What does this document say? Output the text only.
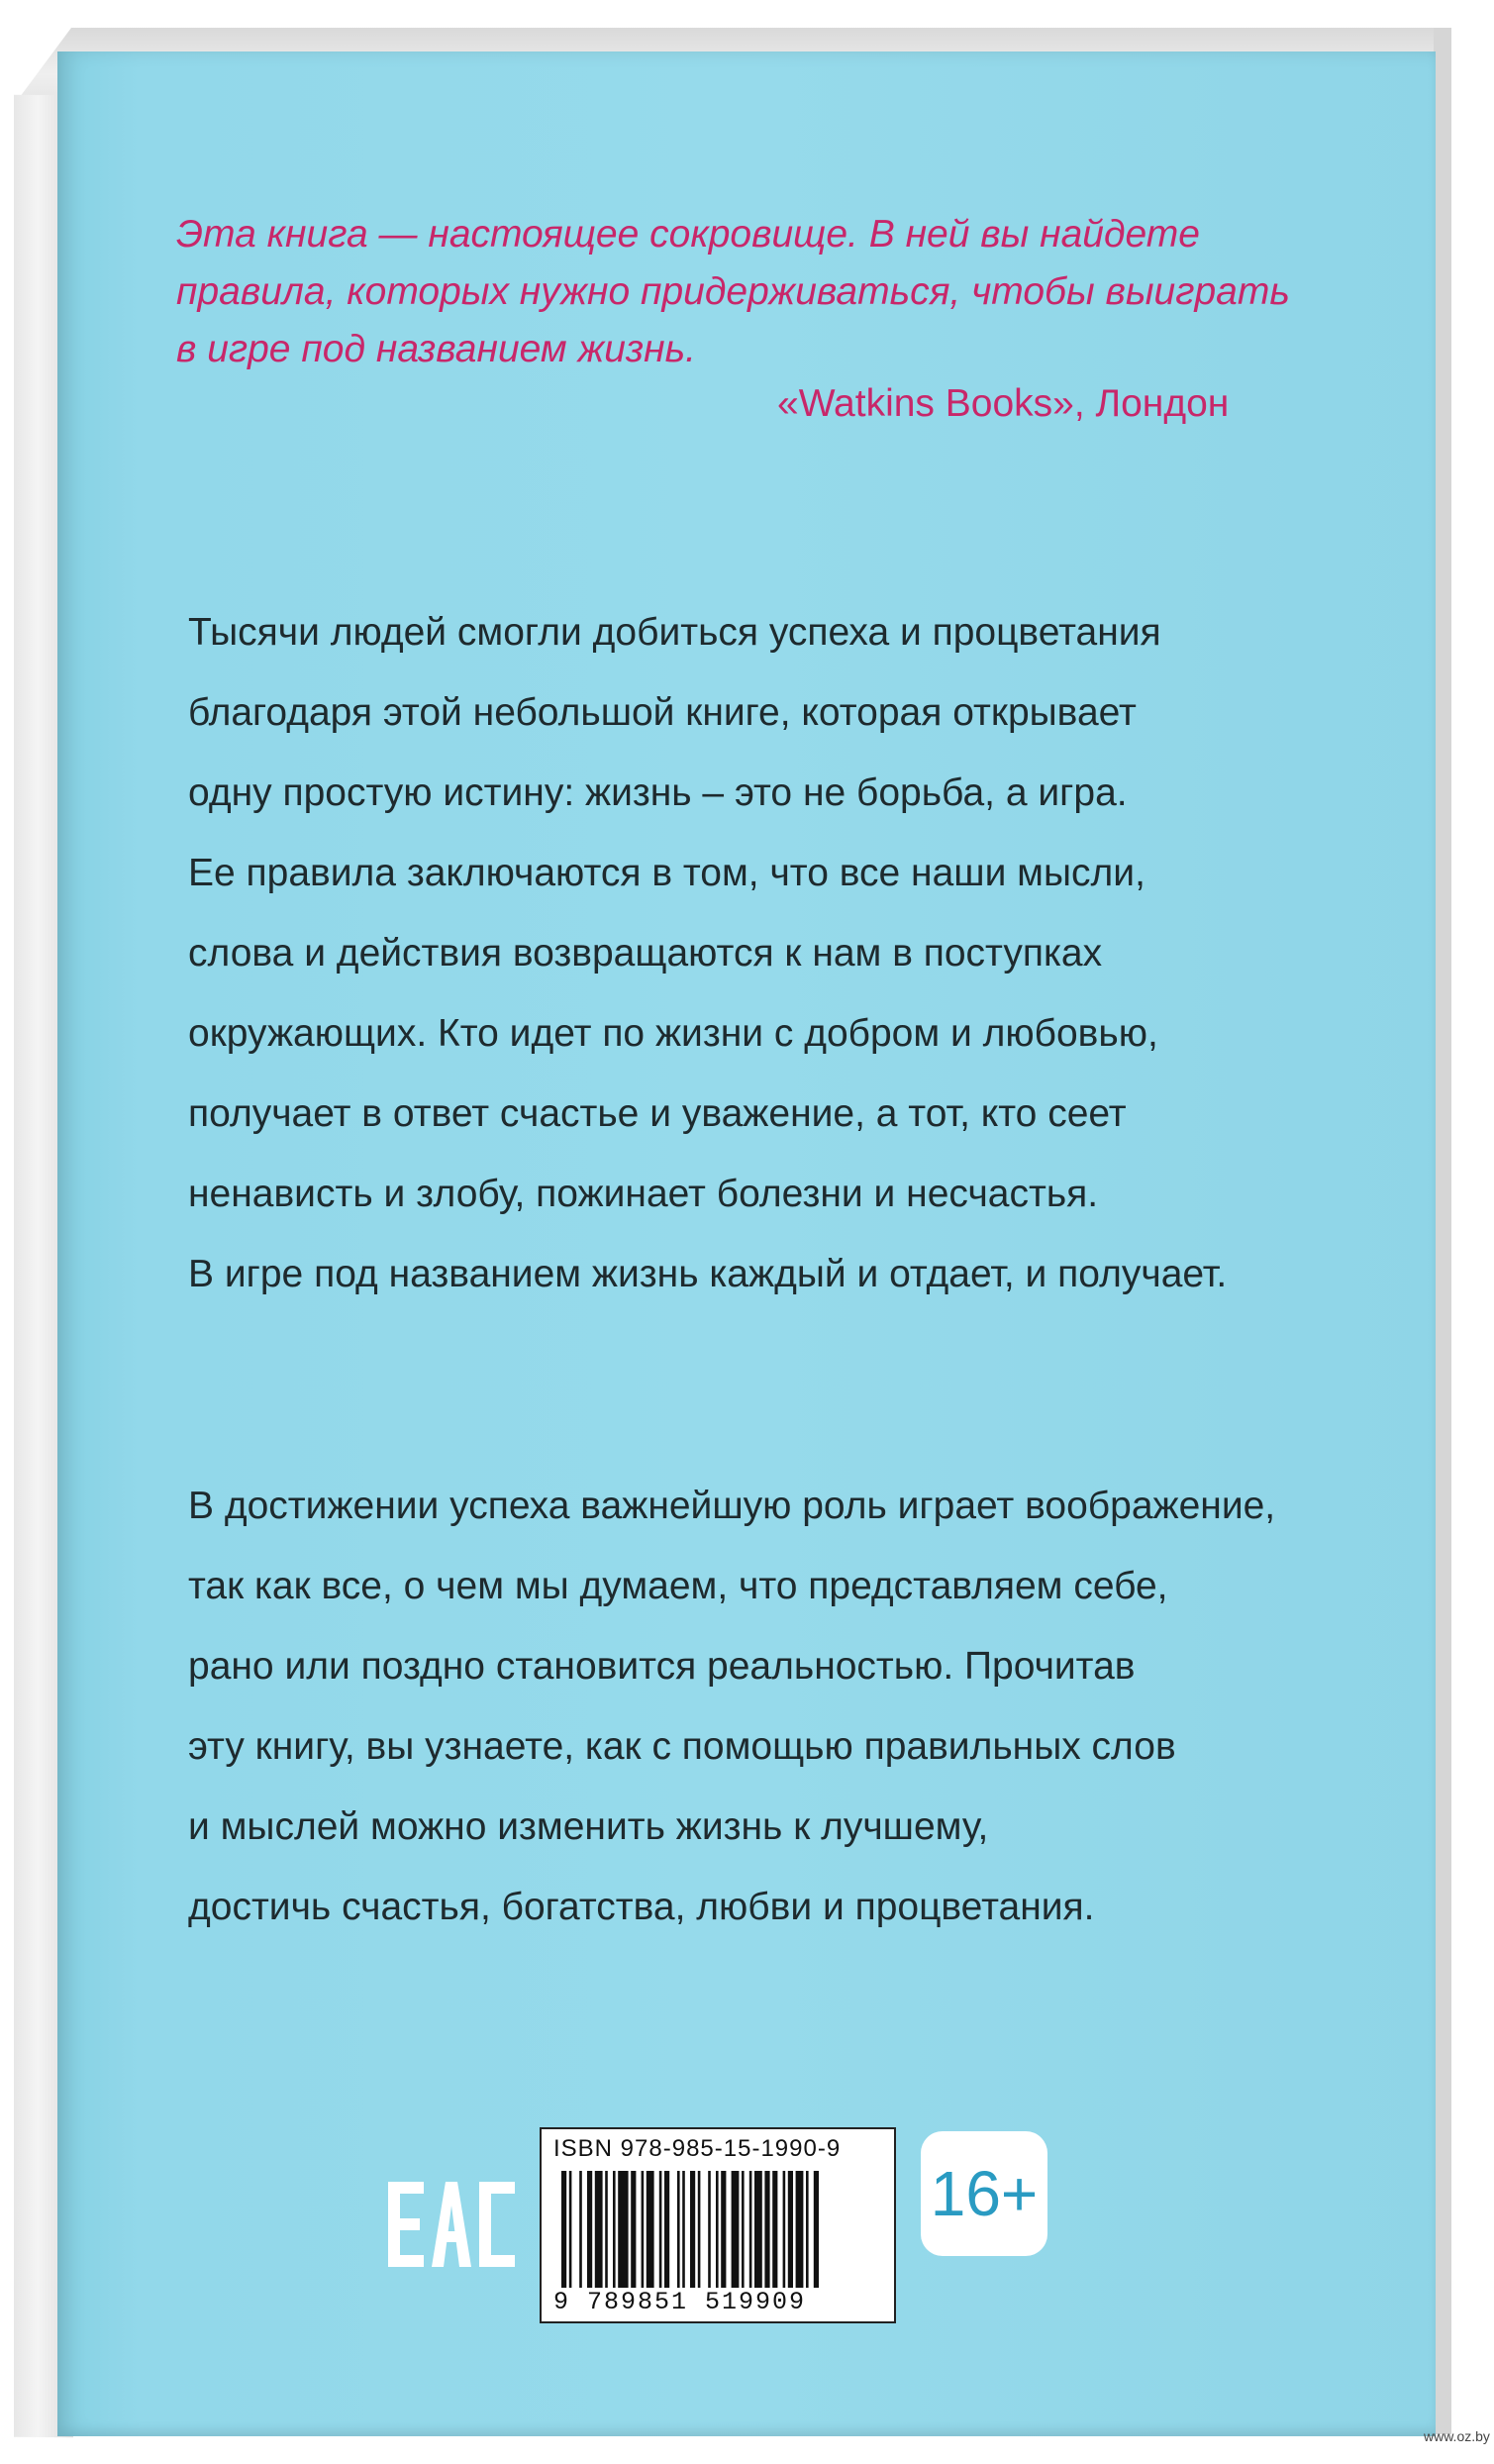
Эта книга — настоящее сокровище. В ней вы найдете
правила, которых нужно придерживаться, чтобы выиграть
в игре под названием жизнь.
«Watkins Books», Лондон
Тысячи людей смогли добиться успеха и процветания
благодаря этой небольшой книге, которая открывает
одну простую истину: жизнь – это не борьба, а игра.
Ее правила заключаются в том, что все наши мысли,
слова и действия возвращаются к нам в поступках
окружающих. Кто идет по жизни с добром и любовью,
получает в ответ счастье и уважение, а тот, кто сеет
ненависть и злобу, пожинает болезни и несчастья.
В игре под названием жизнь каждый и отдает, и получает.
В достижении успеха важнейшую роль играет воображение,
так как все, о чем мы думаем, что представляем себе,
рано или поздно становится реальностью. Прочитав
эту книгу, вы узнаете, как с помощью правильных слов
и мыслей можно изменить жизнь к лучшему,
достичь счастья, богатства, любви и процветания.
ISBN 978-985-15-1990-9
9 789851 519909
16+
www.oz.by
